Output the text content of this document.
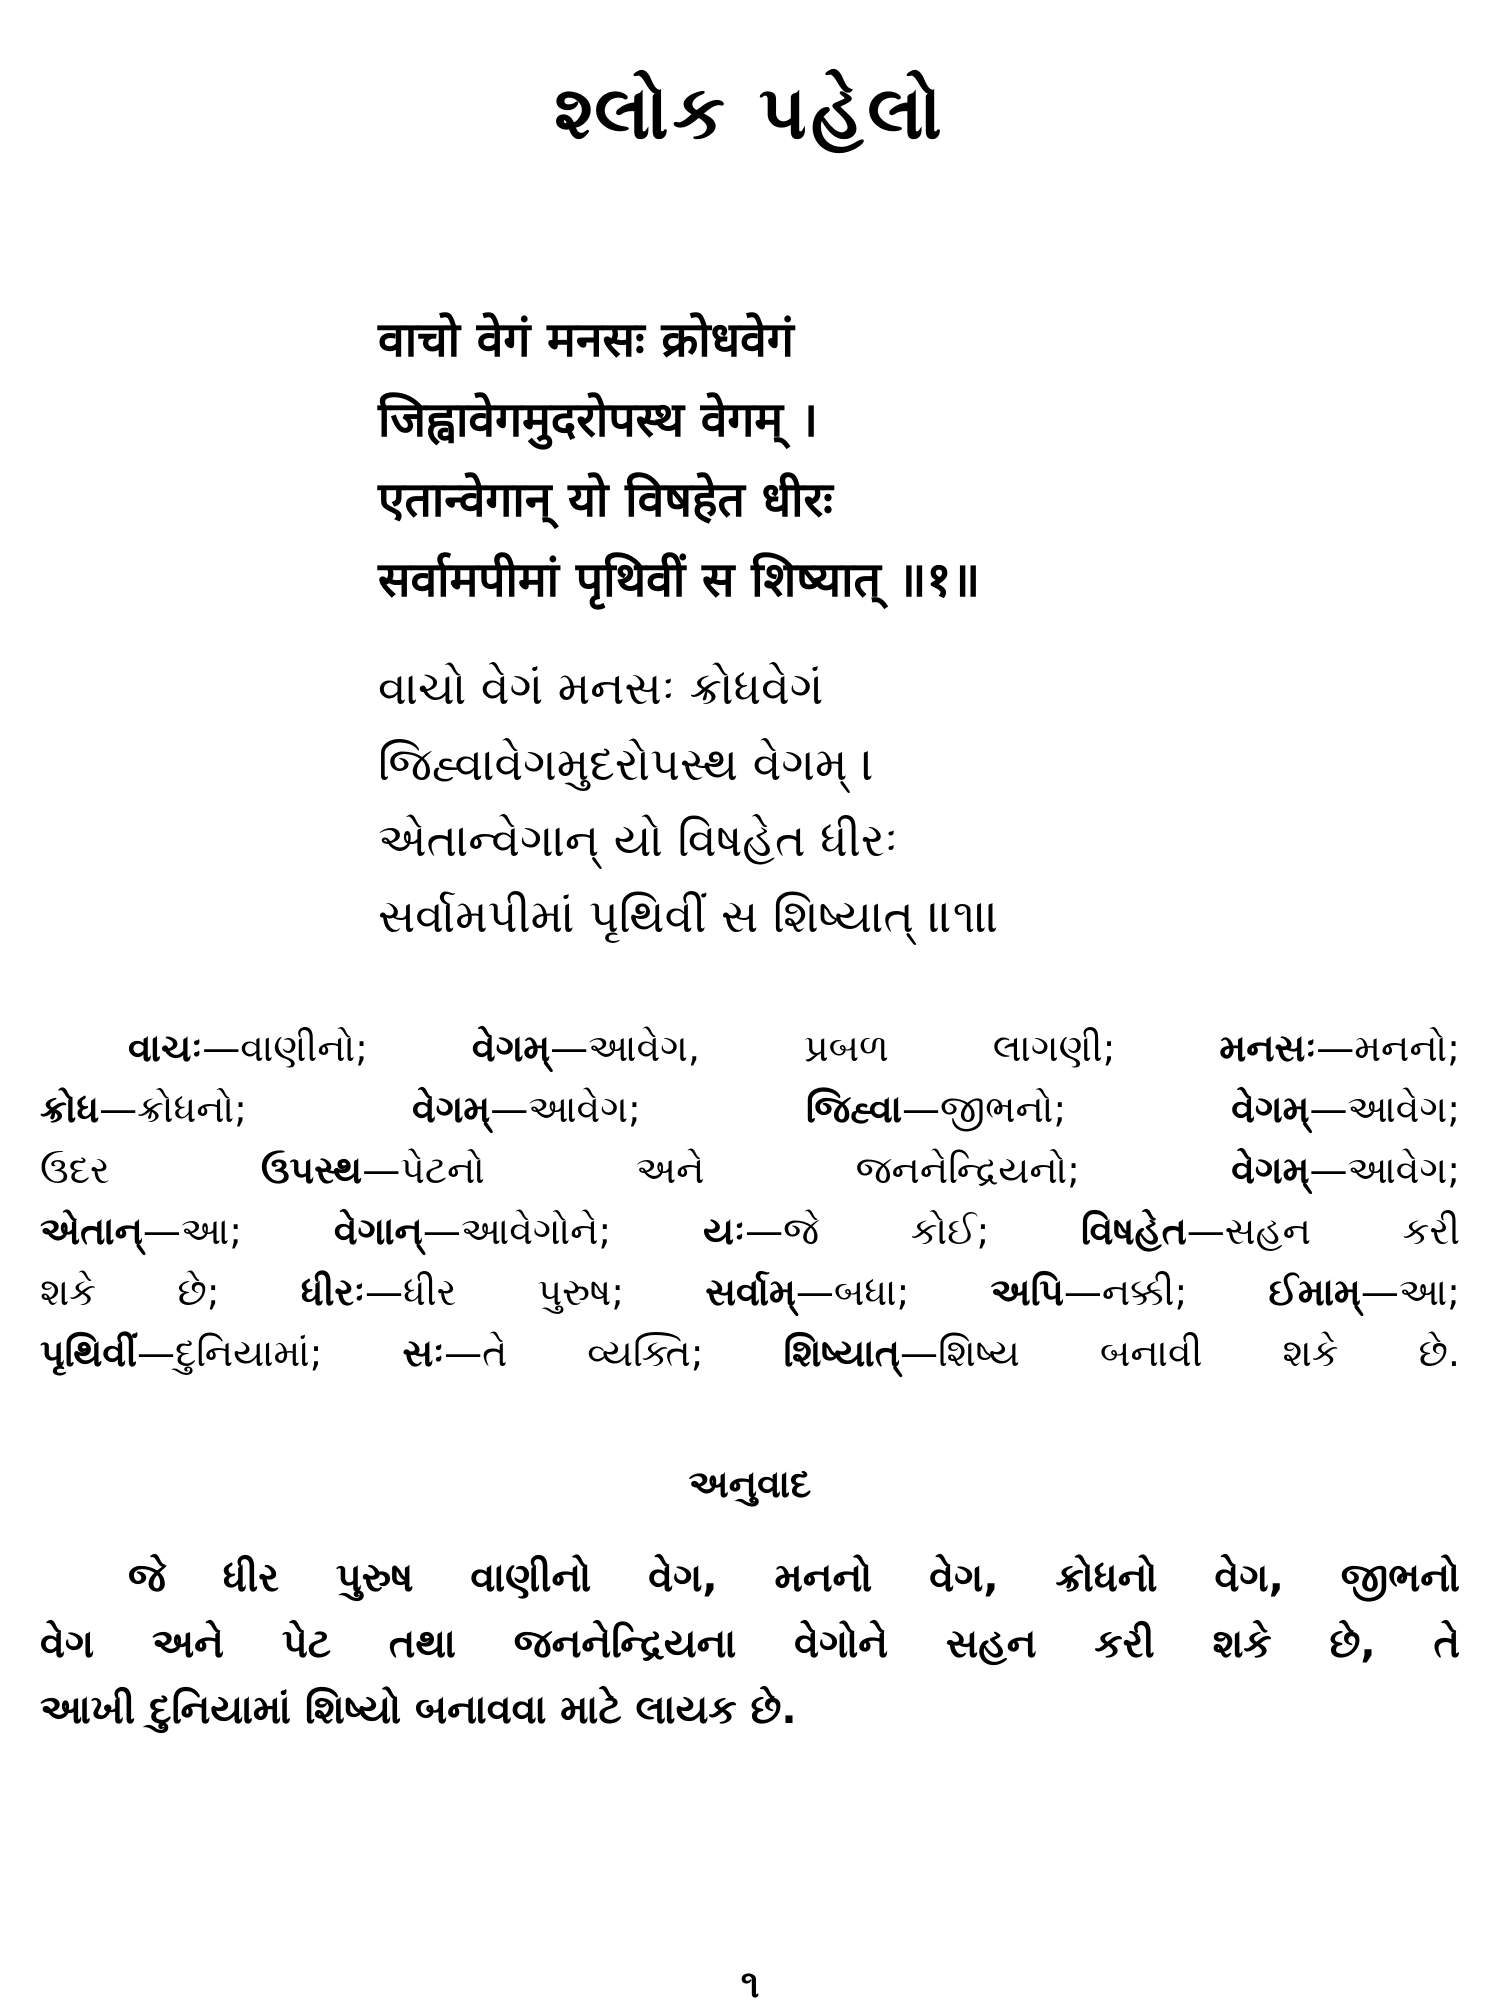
શ્લોક પહેલો
वाचो वेगं मनसः क्रोधवेगं
जिह्वावेगमुदरोपस्थ वेगम् ।
एतान्वेगान् यो विषहेत धीरः
सर्वामपीमां पृथिवीं स शिष्यात् ॥१॥
વાચો વેગં મનસઃ ક્રોધવેગં
જિહ્વાવેગમુદરોપસ્થ વેગમ્ ।
એતાન્વેગાન્ યો વિષહેત ધીરઃ
સર્વામપીમાં પૃથિવીં સ શિષ્યાત્ ॥૧॥
વાચઃ—વાણીનો; વેગમ્—આવેગ, પ્રબળ લાગણી; મનસઃ—મનનો;
ક્રોધ—ક્રોધનો; વેગમ્—આવેગ; જિહ્વા—જીભનો; વેગમ્—આવેગ;
ઉદર ઉપસ્થ—પેટનો અને જનનેન્દ્રિયનો; વેગમ્—આવેગ;
એતાન્—આ; વેગાન્—આવેગોને; યઃ—જે કોઈ; વિષહેત—સહન કરી
શકે છે; ધીરઃ—ધીર પુરુષ; સર્વામ્—બધા; અપિ—નક્કી; ઈમામ્—આ;
પૃથિવીં—દુનિયામાં; સઃ—તે વ્યક્તિ; શિષ્યાત્—શિષ્ય બનાવી શકે છે.
અનુવાદ
જે ધીર પુરુષ વાણીનો વેગ, મનનો વેગ, ક્રોધનો વેગ, જીભનો
વેગ અને પેટ તથા જનનેન્દ્રિયના વેગોને સહન કરી શકે છે, તે
આખી દુનિયામાં શિષ્યો બનાવવા માટે લાયક છે.
૧
